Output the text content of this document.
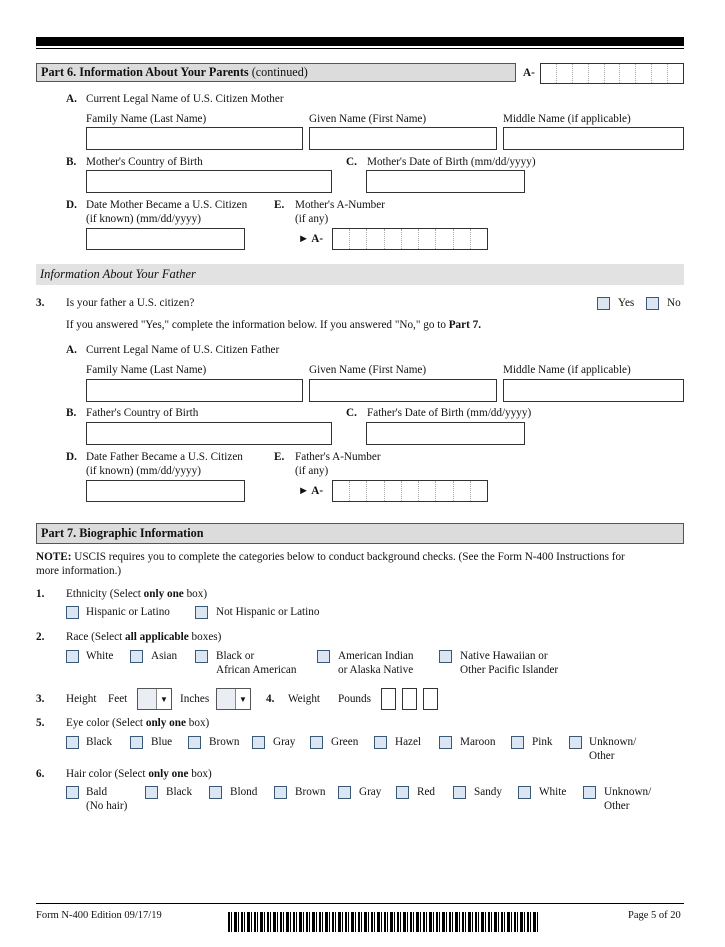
Part 6. Information About Your Parents (continued)	A-
A. Current Legal Name of U.S. Citizen Mother
Family Name (Last Name)	Given Name (First Name)	Middle Name (if applicable)
B. Mother's Country of Birth	C. Mother's Date of Birth (mm/dd/yyyy)
D. Date Mother Became a U.S. Citizen
(if known) (mm/dd/yyyy)
E. Mother's A-Number
(if any)
► A-
Information About Your Father
3. Is your father a U.S. citizen?	Yes	No
If you answered "Yes," complete the information below. If you answered "No," go to Part 7.
A. Current Legal Name of U.S. Citizen Father
Family Name (Last Name)	Given Name (First Name)	Middle Name (if applicable)
B. Father's Country of Birth	C. Father's Date of Birth (mm/dd/yyyy)
D. Date Father Became a U.S. Citizen
(if known) (mm/dd/yyyy)
E. Father's A-Number
(if any)
► A-
Part 7. Biographic Information
NOTE: USCIS requires you to complete the categories below to conduct background checks. (See the Form N-400 Instructions for
more information.)
1. Ethnicity (Select only one box)
Hispanic or Latino	Not Hispanic or Latino
2. Race (Select all applicable boxes)
White	Asian	Black or
African American
American Indian
or Alaska Native
Native Hawaiian or
Other Pacific Islander
3. Height Feet	▼ Inches	▼ 4. Weight Pounds
5. Eye color (Select only one box)
Black	Blue	Brown	Gray	Green	Hazel	Maroon	Pink	Unknown/
Other
6. Hair color (Select only one box)
Bald
(No hair)
Black	Blond	Brown	Gray	Red	Sandy	White	Unknown/
Other
Form N-400 Edition 09/17/19	Page 5 of 20
